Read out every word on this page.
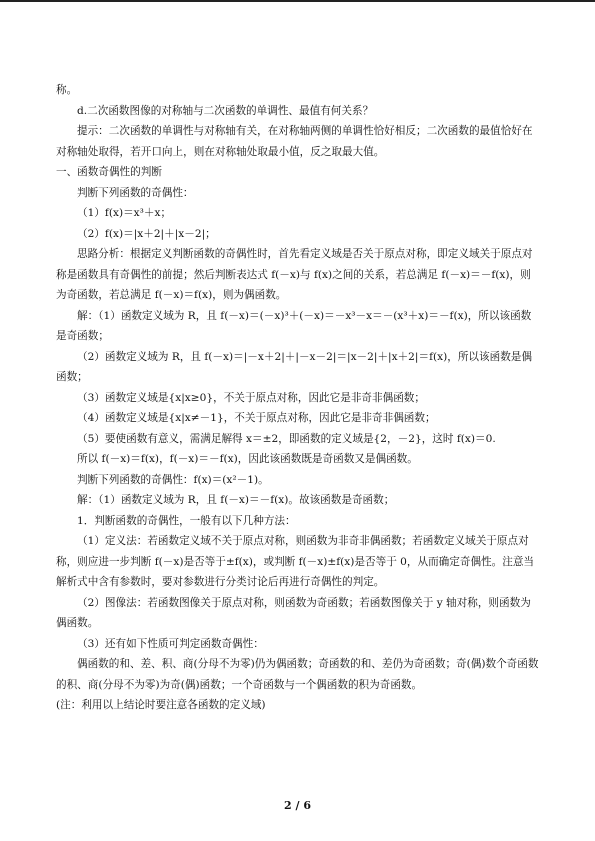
称。

d.二次函数图像的对称轴与二次函数的单调性、最值有何关系？

提示：二次函数的单调性与对称轴有关，在对称轴两侧的单调性恰好相反；二次函数的最值恰好在对称轴处取得，若开口向上，则在对称轴处取最小值，反之取最大值。

一、函数奇偶性的判断

判断下列函数的奇偶性：

（1）f(x)＝x³＋x；

（2）f(x)＝|x＋2|＋|x－2|；

思路分析：根据定义判断函数的奇偶性时，首先看定义域是否关于原点对称，即定义域关于原点对称是函数具有奇偶性的前提；然后判断表达式 f(－x)与 f(x)之间的关系，若总满足 f(－x)＝－f(x)，则为奇函数，若总满足 f(－x)＝f(x)，则为偶函数。

解：（1）函数定义域为 R，且 f(－x)＝(－x)³＋(－x)＝－x³－x＝－(x³＋x)＝－f(x)，所以该函数是奇函数；

（2）函数定义域为 R，且 f(－x)＝|－x＋2|＋|－x－2|＝|x－2|＋|x＋2|＝f(x)，所以该函数是偶函数；

（3）函数定义域是{x|x≥0}，不关于原点对称，因此它是非奇非偶函数；

（4）函数定义域是{x|x≠－1}，不关于原点对称，因此它是非奇非偶函数；

（5）要使函数有意义，需满足解得 x＝±2，即函数的定义域是{2，－2}，这时 f(x)＝0.

所以 f(－x)＝f(x)，f(－x)＝－f(x)，因此该函数既是奇函数又是偶函数。

判断下列函数的奇偶性：f(x)＝(x²－1)。

解：（1）函数定义域为 R，且 f(－x)＝－f(x)。故该函数是奇函数；

1．判断函数的奇偶性，一般有以下几种方法：

（1）定义法：若函数定义域不关于原点对称，则函数为非奇非偶函数；若函数定义域关于原点对称，则应进一步判断 f(－x)是否等于±f(x)，或判断 f(－x)±f(x)是否等于 0，从而确定奇偶性。注意当解析式中含有参数时，要对参数进行分类讨论后再进行奇偶性的判定。

（2）图像法：若函数图像关于原点对称，则函数为奇函数；若函数图像关于 y 轴对称，则函数为偶函数。

（3）还有如下性质可判定函数奇偶性：

偶函数的和、差、积、商(分母不为零)仍为偶函数；奇函数的和、差仍为奇函数；奇(偶)数个奇函数的积、商(分母不为零)为奇(偶)函数；一个奇函数与一个偶函数的积为奇函数。

(注：利用以上结论时要注意各函数的定义域)

2 / 6
